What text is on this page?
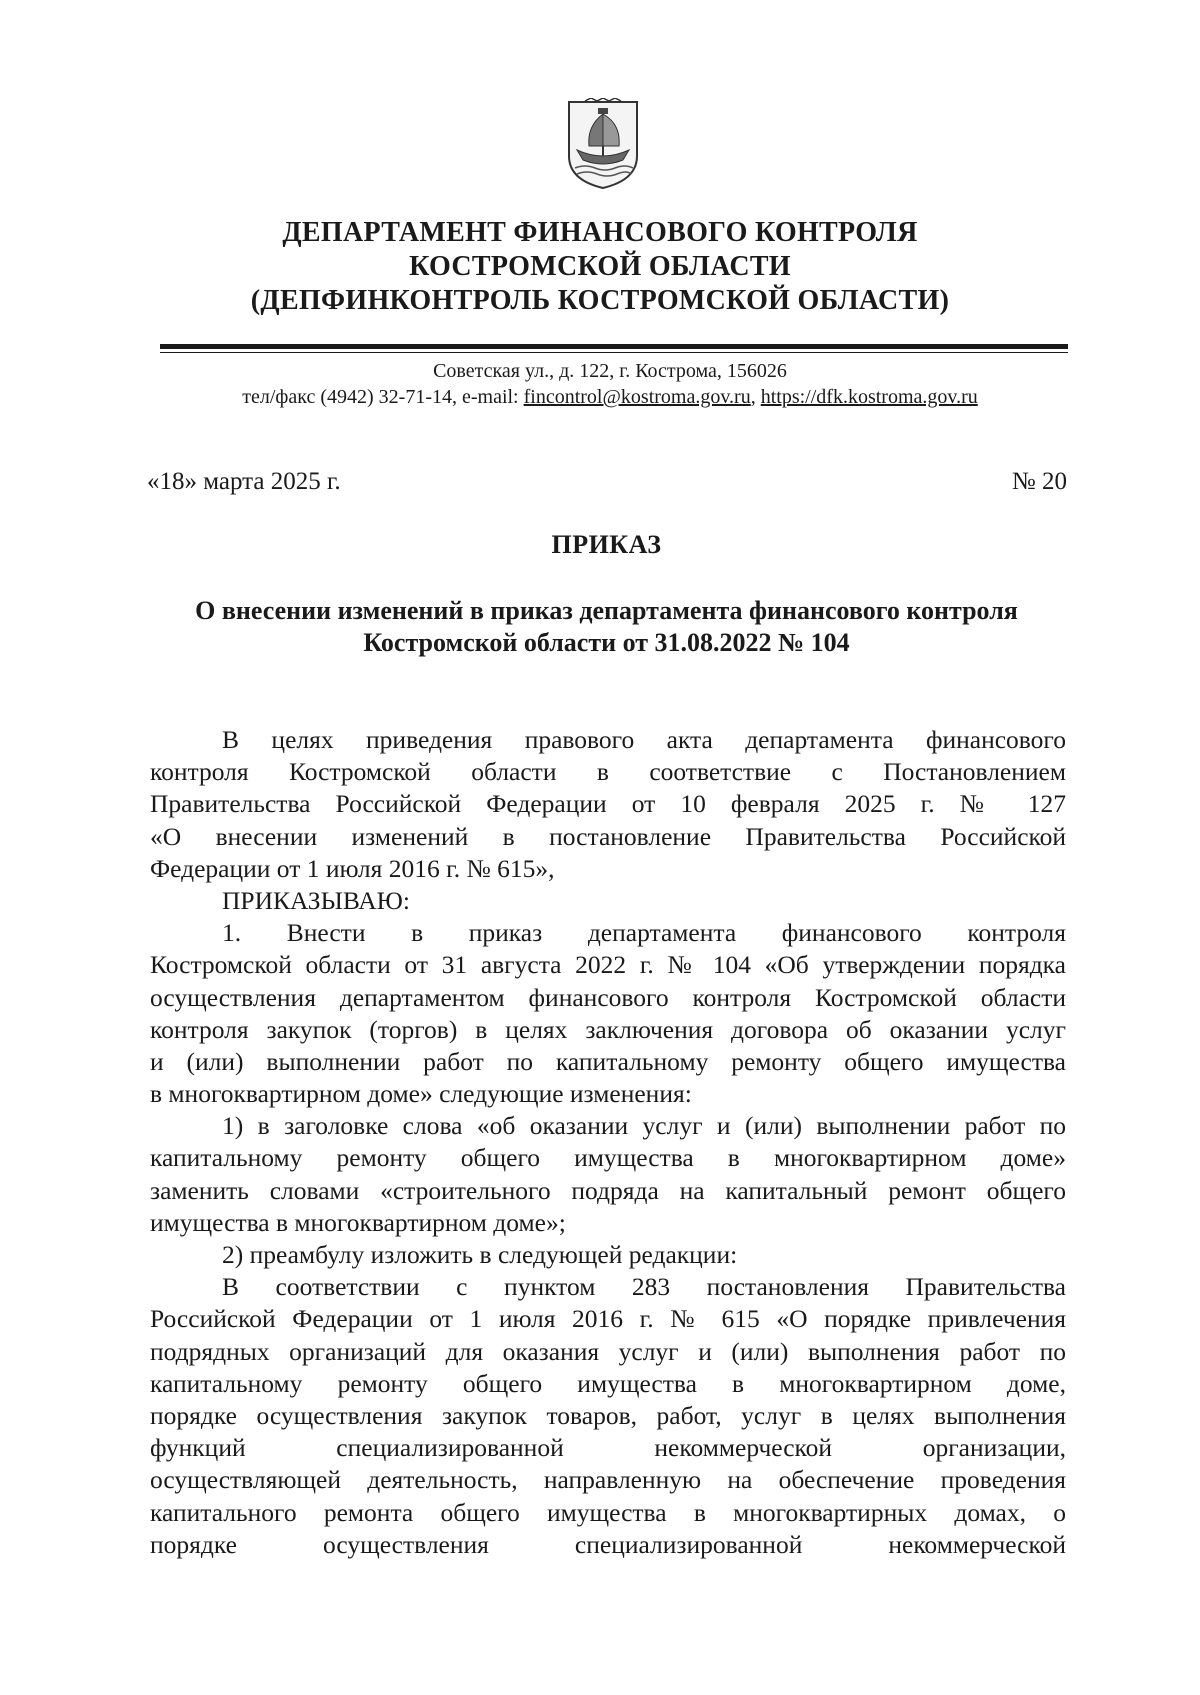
ДЕПАРТАМЕНТ ФИНАНСОВОГО КОНТРОЛЯ
КОСТРОМСКОЙ ОБЛАСТИ
(ДЕПФИНКОНТРОЛЬ КОСТРОМСКОЙ ОБЛАСТИ)
Советская ул., д. 122, г. Кострома, 156026
тел/факс (4942) 32-71-14, e-mail: fincontrol@kostroma.gov.ru, https://dfk.kostroma.gov.ru
«18» марта 2025 г.	№ 20
ПРИКАЗ
О внесении изменений в приказ департамента финансового контроля
Костромской области от 31.08.2022 № 104
В целях приведения правового акта департамента финансового
контроля Костромской области в соответствие с Постановлением
Правительства Российской Федерации от 10 февраля 2025 г. № 127
«О внесении изменений в постановление Правительства Российской
Федерации от 1 июля 2016 г. № 615»,
ПРИКАЗЫВАЮ:
1. Внести в приказ департамента финансового контроля
Костромской области от 31 августа 2022 г. № 104 «Об утверждении порядка
осуществления департаментом финансового контроля Костромской области
контроля закупок (торгов) в целях заключения договора об оказании услуг
и (или) выполнении работ по капитальному ремонту общего имущества
в многоквартирном доме» следующие изменения:
1) в заголовке слова «об оказании услуг и (или) выполнении работ по
капитальному ремонту общего имущества в многоквартирном доме»
заменить словами «строительного подряда на капитальный ремонт общего
имущества в многоквартирном доме»;
2) преамбулу изложить в следующей редакции:
В соответствии с пунктом 283 постановления Правительства
Российской Федерации от 1 июля 2016 г. № 615 «О порядке привлечения
подрядных организаций для оказания услуг и (или) выполнения работ по
капитальному ремонту общего имущества в многоквартирном доме,
порядке осуществления закупок товаров, работ, услуг в целях выполнения
функций специализированной некоммерческой организации,
осуществляющей деятельность, направленную на обеспечение проведения
капитального ремонта общего имущества в многоквартирных домах, о
порядке осуществления специализированной некоммерческой
